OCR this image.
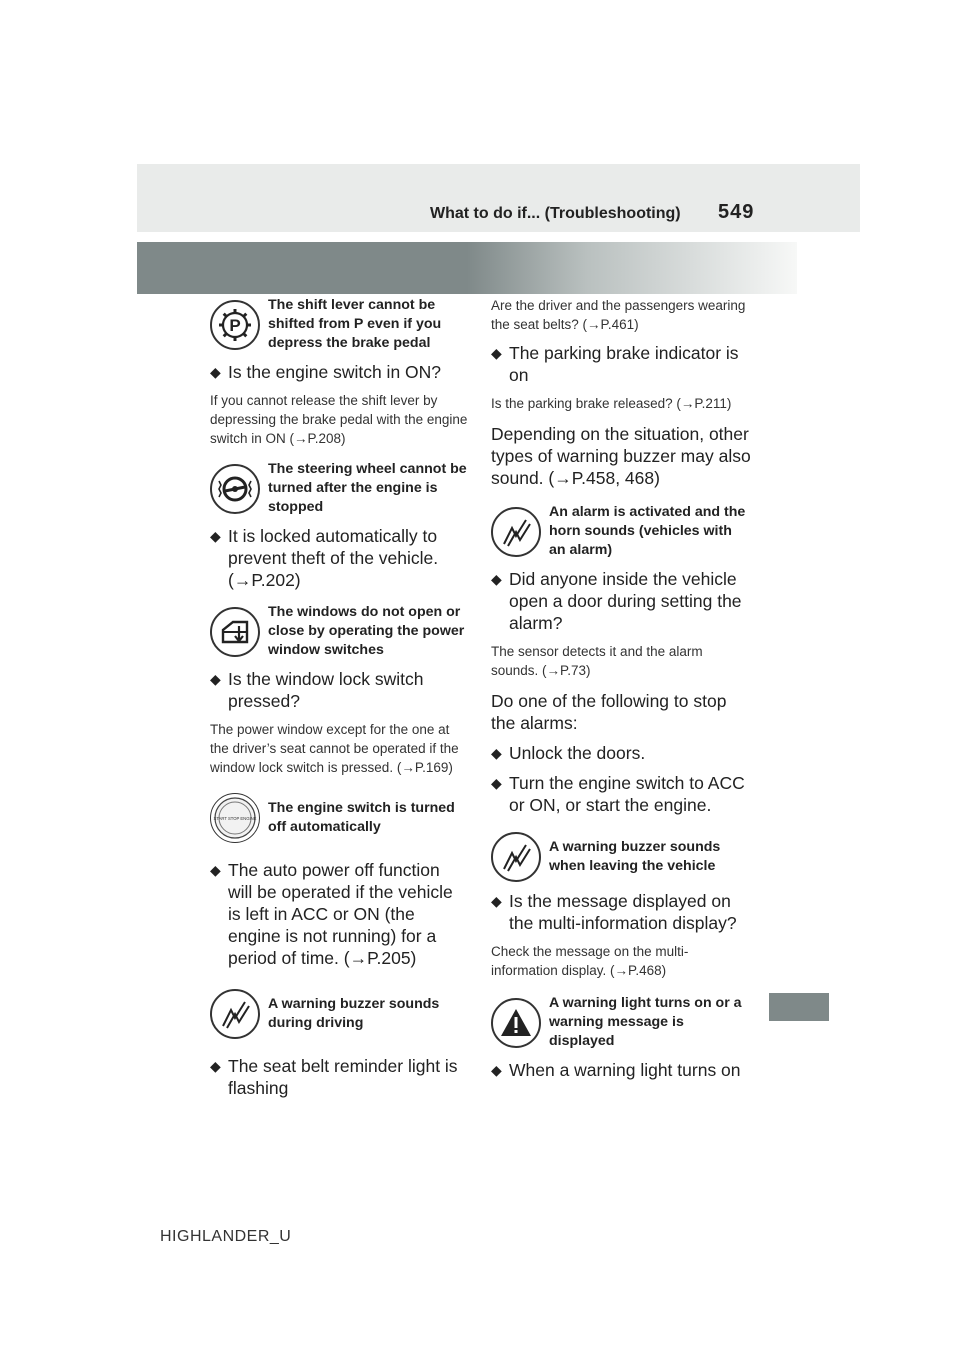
What to do if... (Troubleshooting) 549
P
The shift lever cannot be shifted from P even if you depress the brake pedal
◆ Is the engine switch in ON?
If you cannot release the shift lever by depressing the brake pedal with the engine switch in ON (→P.208)
The steering wheel cannot be turned after the engine is stopped
◆ It is locked automatically to prevent theft of the vehicle. (→P.202)
The windows do not open or close by operating the power window switches
◆ Is the window lock switch pressed?
The power window except for the one at the driver’s seat cannot be operated if the window lock switch is pressed. (→P.169)
START STOP ENGINE
The engine switch is turned off automatically
◆ The auto power off function will be operated if the vehicle is left in ACC or ON (the engine is not running) for a period of time. (→P.205)
A warning buzzer sounds during driving
◆ The seat belt reminder light is flashing
Are the driver and the passengers wearing the seat belts? (→P.461)
◆ The parking brake indicator is on
Is the parking brake released? (→P.211)
Depending on the situation, other types of warning buzzer may also sound. (→P.458, 468)
An alarm is activated and the horn sounds (vehicles with an alarm)
◆ Did anyone inside the vehicle open a door during setting the alarm?
The sensor detects it and the alarm sounds. (→P.73)
Do one of the following to stop the alarms:
◆ Unlock the doors.
◆ Turn the engine switch to ACC or ON, or start the engine.
A warning buzzer sounds when leaving the vehicle
◆ Is the message displayed on the multi-information display?
Check the message on the multi-information display. (→P.468)
A warning light turns on or a warning message is displayed
◆ When a warning light turns on
HIGHLANDER_U
